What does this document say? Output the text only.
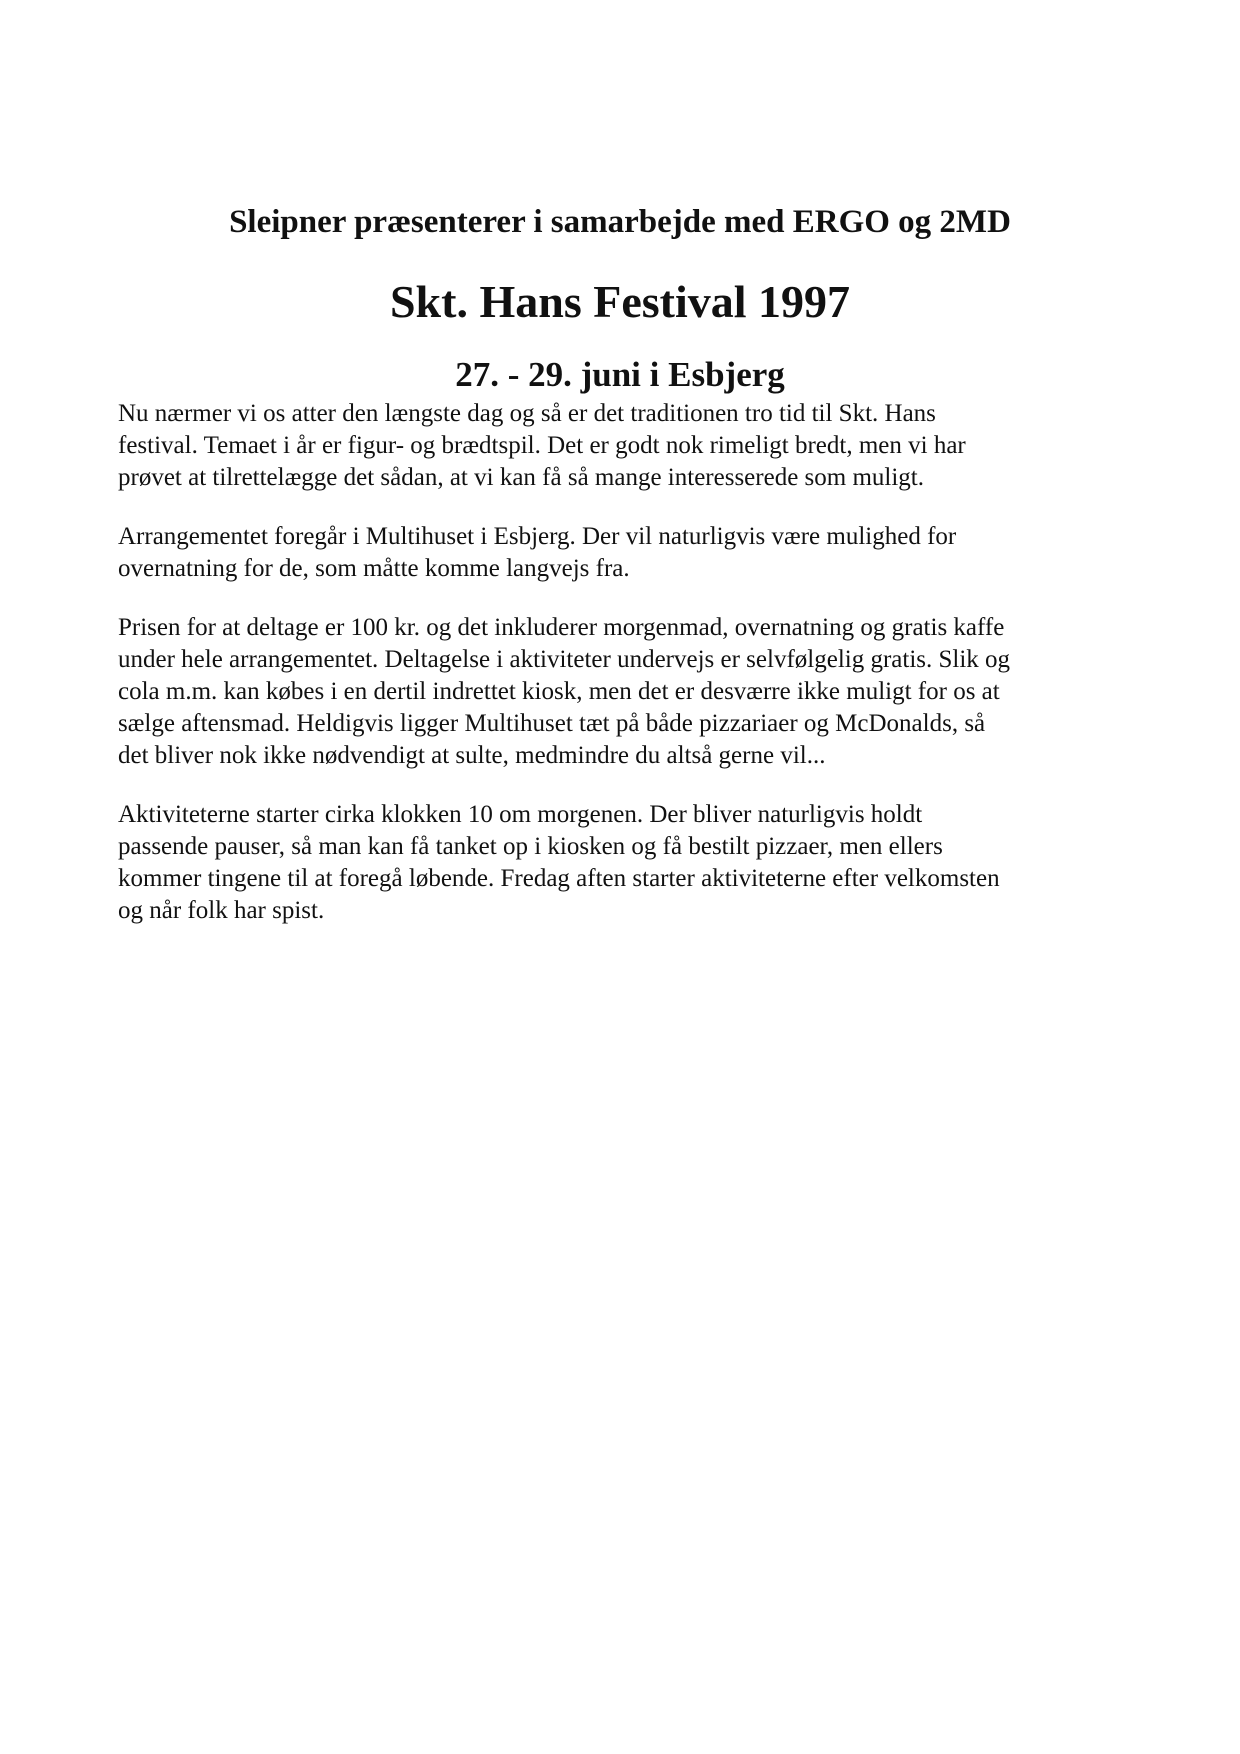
Sleipner præsenterer i samarbejde med ERGO og 2MD
Skt. Hans Festival 1997
27. - 29. juni i Esbjerg

Nu nærmer vi os atter den længste dag og så er det traditionen tro tid til Skt. Hans
festival. Temaet i år er figur- og brædtspil. Det er godt nok rimeligt bredt, men vi har
prøvet at tilrettelægge det sådan, at vi kan få så mange interesserede som muligt.

Arrangementet foregår i Multihuset i Esbjerg. Der vil naturligvis være mulighed for
overnatning for de, som måtte komme langvejs fra.

Prisen for at deltage er 100 kr. og det inkluderer morgenmad, overnatning og gratis kaffe
under hele arrangementet. Deltagelse i aktiviteter undervejs er selvfølgelig gratis. Slik og
cola m.m. kan købes i en dertil indrettet kiosk, men det er desværre ikke muligt for os at
sælge aftensmad. Heldigvis ligger Multihuset tæt på både pizzariaer og McDonalds, så
det bliver nok ikke nødvendigt at sulte, medmindre du altså gerne vil...

Aktiviteterne starter cirka klokken 10 om morgenen. Der bliver naturligvis holdt
passende pauser, så man kan få tanket op i kiosken og få bestilt pizzaer, men ellers
kommer tingene til at foregå løbende. Fredag aften starter aktiviteterne efter velkomsten
og når folk har spist.
